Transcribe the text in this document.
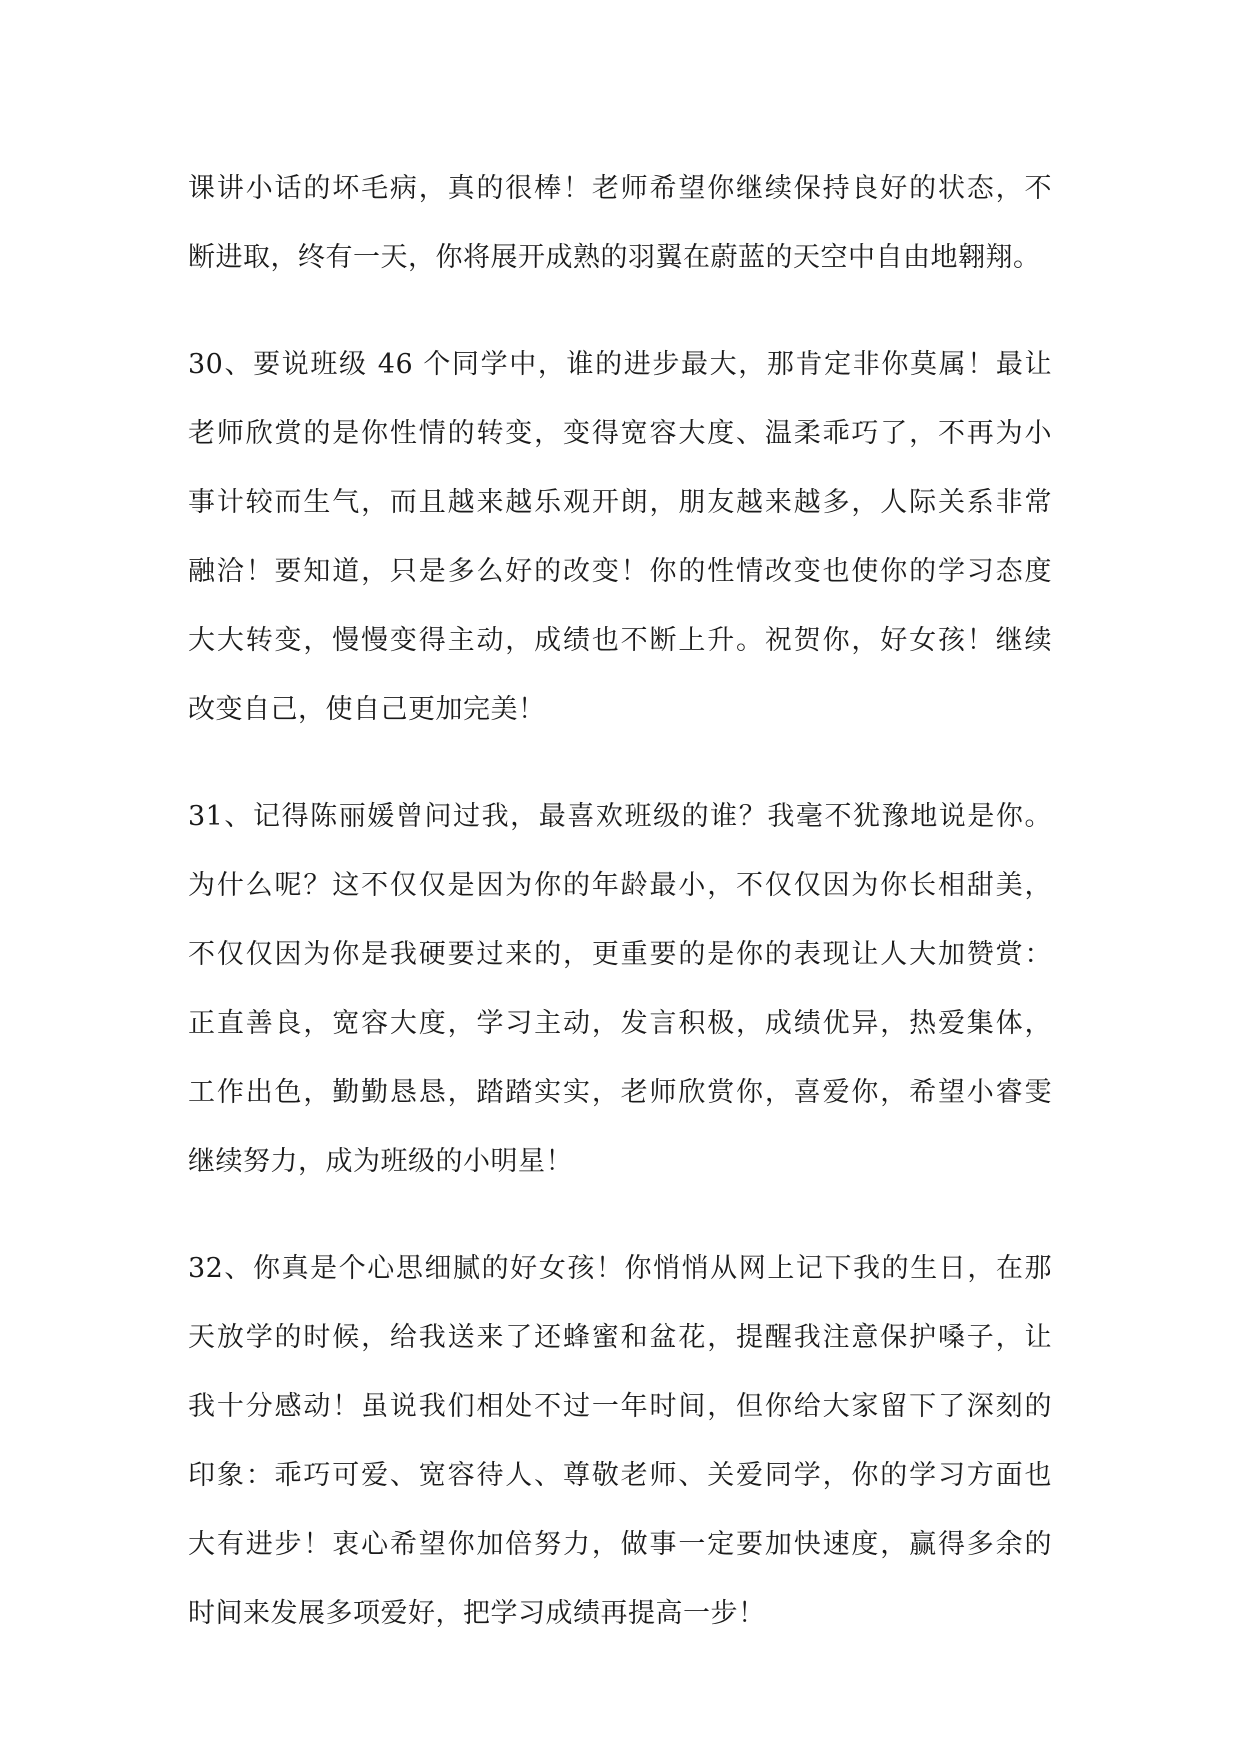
课讲小话的坏毛病，真的很棒！老师希望你继续保持良好的状态，不
断进取，终有一天，你将展开成熟的羽翼在蔚蓝的天空中自由地翱翔。
30、要说班级 46 个同学中，谁的进步最大，那肯定非你莫属！最让
老师欣赏的是你性情的转变，变得宽容大度、温柔乖巧了，不再为小
事计较而生气，而且越来越乐观开朗，朋友越来越多，人际关系非常
融洽！要知道，只是多么好的改变！你的性情改变也使你的学习态度
大大转变，慢慢变得主动，成绩也不断上升。祝贺你，好女孩！继续
改变自己，使自己更加完美！
31、记得陈丽媛曾问过我，最喜欢班级的谁？我毫不犹豫地说是你。
为什么呢？这不仅仅是因为你的年龄最小，不仅仅因为你长相甜美，
不仅仅因为你是我硬要过来的，更重要的是你的表现让人大加赞赏：
正直善良，宽容大度，学习主动，发言积极，成绩优异，热爱集体，
工作出色，勤勤恳恳，踏踏实实，老师欣赏你，喜爱你，希望小睿雯
继续努力，成为班级的小明星！
32、你真是个心思细腻的好女孩！你悄悄从网上记下我的生日，在那
天放学的时候，给我送来了还蜂蜜和盆花，提醒我注意保护嗓子，让
我十分感动！虽说我们相处不过一年时间，但你给大家留下了深刻的
印象：乖巧可爱、宽容待人、尊敬老师、关爱同学，你的学习方面也
大有进步！衷心希望你加倍努力，做事一定要加快速度，赢得多余的
时间来发展多项爱好，把学习成绩再提高一步！
